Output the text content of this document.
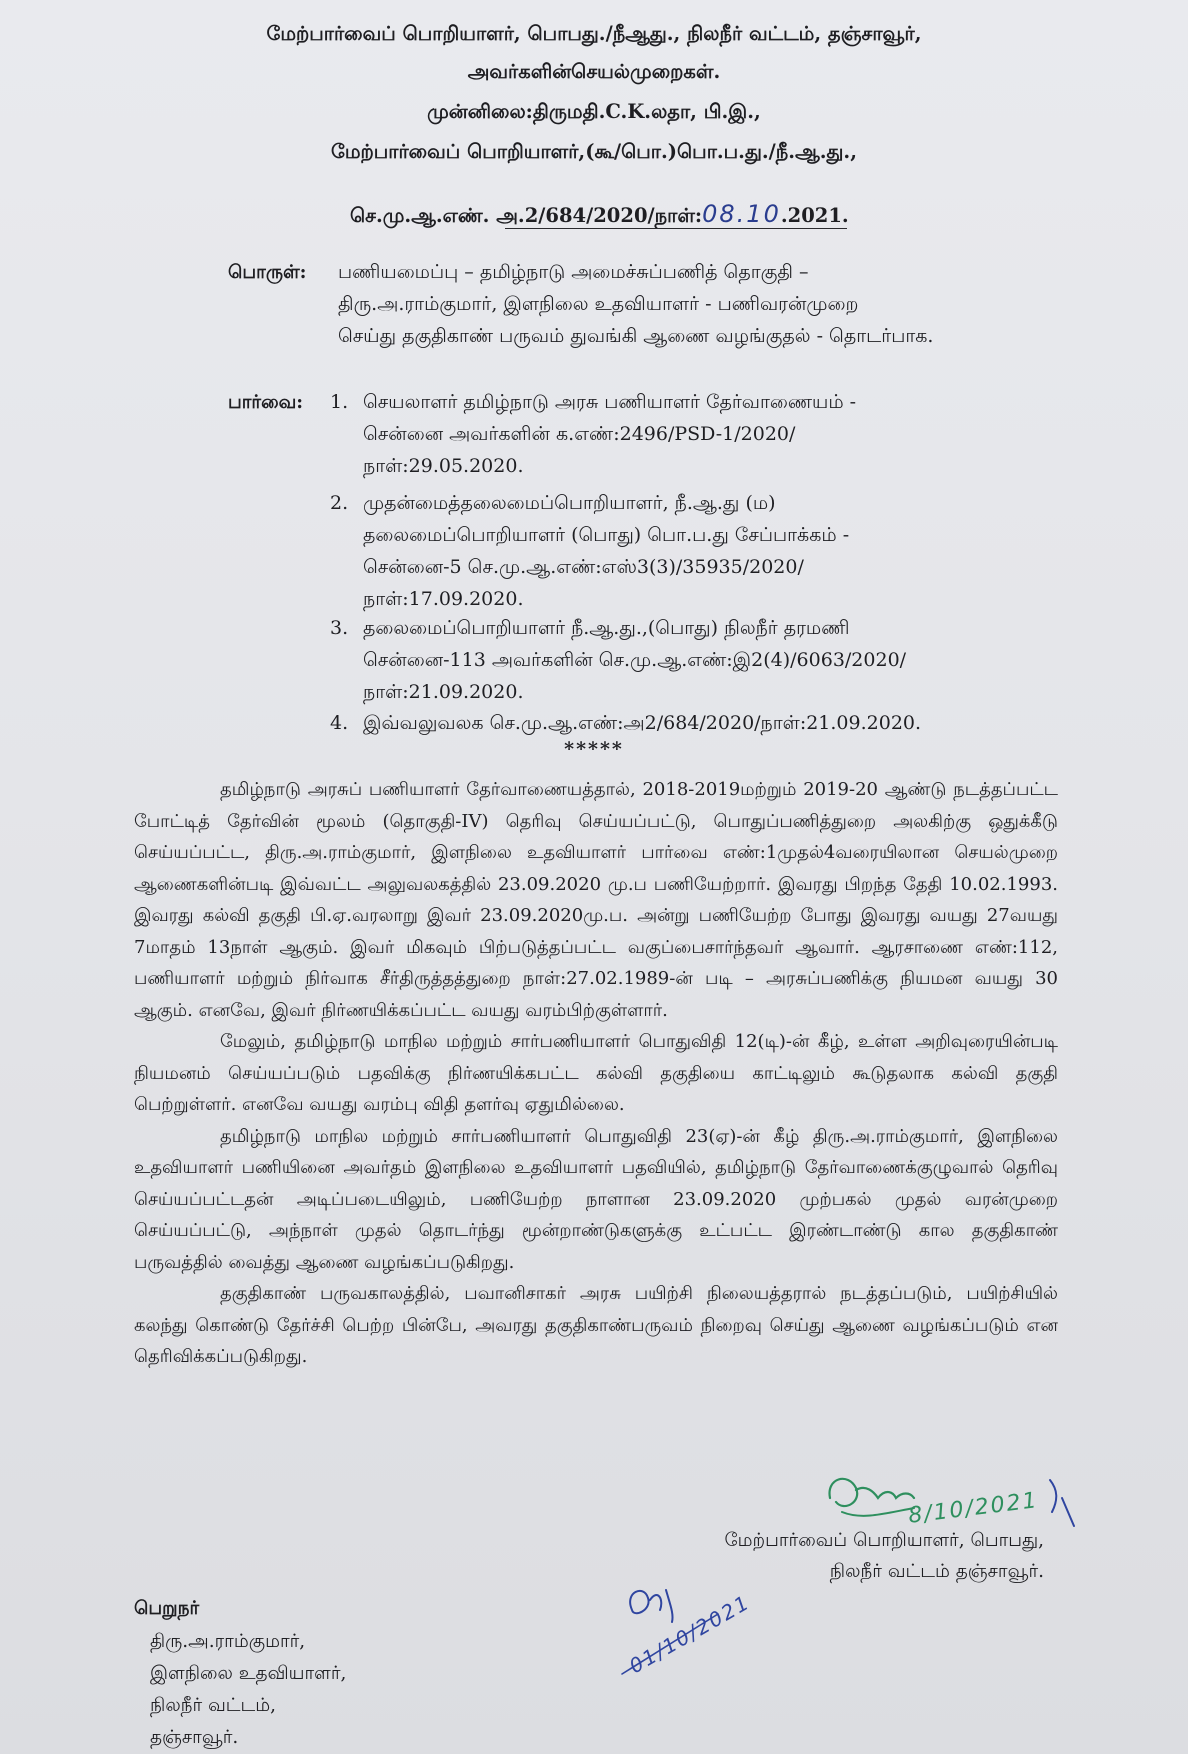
மேற்பார்வைப் பொறியாளர், பொபது./நீஆது., நிலநீர் வட்டம், தஞ்சாவூர்,
அவர்களின்செயல்முறைகள்.
முன்னிலை:திருமதி.C.K.லதா, பி.இ.,
மேற்பார்வைப் பொறியாளர்,(கூ/பொ.)பொ.ப.து./நீ.ஆ.து.,
செ.மு.ஆ.எண். அ.2/684/2020/நாள்:08.10.2021.
பொருள்: பணியமைப்பு – தமிழ்நாடு அமைச்சுப்பணித் தொகுதி –
திரு.அ.ராம்குமார், இளநிலை உதவியாளர் - பணிவரன்முறை
செய்து தகுதிகாண் பருவம் துவங்கி ஆணை வழங்குதல் - தொடர்பாக.
பார்வை: 1. செயலாளர் தமிழ்நாடு அரசு பணியாளர் தேர்வாணையம் -
சென்னை அவர்களின் க.எண்:2496/PSD-1/2020/
நாள்:29.05.2020.
2. முதன்மைத்தலைமைப்பொறியாளர், நீ.ஆ.து (ம)
தலைமைப்பொறியாளர் (பொது) பொ.ப.து சேப்பாக்கம் -
சென்னை-5 செ.மு.ஆ.எண்:எஸ்3(3)/35935/2020/
நாள்:17.09.2020.
3. தலைமைப்பொறியாளர் நீ.ஆ.து.,(பொது) நிலநீர் தரமணி
சென்னை-113 அவர்களின் செ.மு.ஆ.எண்:இ2(4)/6063/2020/
நாள்:21.09.2020.
4. இவ்வலுவலக செ.மு.ஆ.எண்:அ2/684/2020/நாள்:21.09.2020.
*****

தமிழ்நாடு அரசுப் பணியாளர் தேர்வாணையத்தால், 2018-2019மற்றும் 2019-20 ஆண்டு நடத்தப்பட்ட போட்டித் தேர்வின் மூலம் (தொகுதி-IV) தெரிவு செய்யப்பட்டு, பொதுப்பணித்துறை அலகிற்கு ஒதுக்கீடு செய்யப்பட்ட, திரு.அ.ராம்குமார், இளநிலை உதவியாளர் பார்வை எண்:1முதல்4வரையிலான செயல்முறை ஆணைகளின்படி இவ்வட்ட அலுவலகத்தில் 23.09.2020 மு.ப பணியேற்றார். இவரது பிறந்த தேதி 10.02.1993. இவரது கல்வி தகுதி பி.ஏ.வரலாறு இவர் 23.09.2020மு.ப. அன்று பணியேற்ற போது இவரது வயது 27வயது 7மாதம் 13நாள் ஆகும். இவர் மிகவும் பிற்படுத்தப்பட்ட வகுப்பைசார்ந்தவர் ஆவார். ஆரசாணை எண்:112, பணியாளர் மற்றும் நிர்வாக சீர்திருத்தத்துறை நாள்:27.02.1989-ன் படி – அரசுப்பணிக்கு நியமன வயது 30 ஆகும். எனவே, இவர் நிர்ணயிக்கப்பட்ட வயது வரம்பிற்குள்ளார்.

மேலும், தமிழ்நாடு மாநில மற்றும் சார்பணியாளர் பொதுவிதி 12(டி)-ன் கீழ், உள்ள அறிவுரையின்படி நியமனம் செய்யப்படும் பதவிக்கு நிர்ணயிக்கபட்ட கல்வி தகுதியை காட்டிலும் கூடுதலாக கல்வி தகுதி பெற்றுள்ளர். எனவே வயது வரம்பு விதி தளர்வு ஏதுமில்லை.

தமிழ்நாடு மாநில மற்றும் சார்பணியாளர் பொதுவிதி 23(ஏ)-ன் கீழ் திரு.அ.ராம்குமார், இளநிலை உதவியாளர் பணியினை அவர்தம் இளநிலை உதவியாளர் பதவியில், தமிழ்நாடு தேர்வாணைக்குழுவால் தெரிவு செய்யப்பட்டதன் அடிப்படையிலும், பணியேற்ற நாளான 23.09.2020 முற்பகல் முதல் வரன்முறை செய்யப்பட்டு, அந்நாள் முதல் தொடர்ந்து மூன்றாண்டுகளுக்கு உட்பட்ட இரண்டாண்டு கால தகுதிகாண் பருவத்தில் வைத்து ஆணை வழங்கப்படுகிறது.

தகுதிகாண் பருவகாலத்தில், பவானிசாகர் அரசு பயிற்சி நிலையத்தரால் நடத்தப்படும், பயிற்சியில் கலந்து கொண்டு தேர்ச்சி பெற்ற பின்பே, அவரது தகுதிகாண்பருவம் நிறைவு செய்து ஆணை வழங்கப்படும் என தெரிவிக்கப்படுகிறது.

8/10/2021
மேற்பார்வைப் பொறியாளர், பொபது,
நிலநீர் வட்டம் தஞ்சாவூர்.
01/10/2021
பெறுநர்
திரு.அ.ராம்குமார்,
இளநிலை உதவியாளர்,
நிலநீர் வட்டம்,
தஞ்சாவூர்.
